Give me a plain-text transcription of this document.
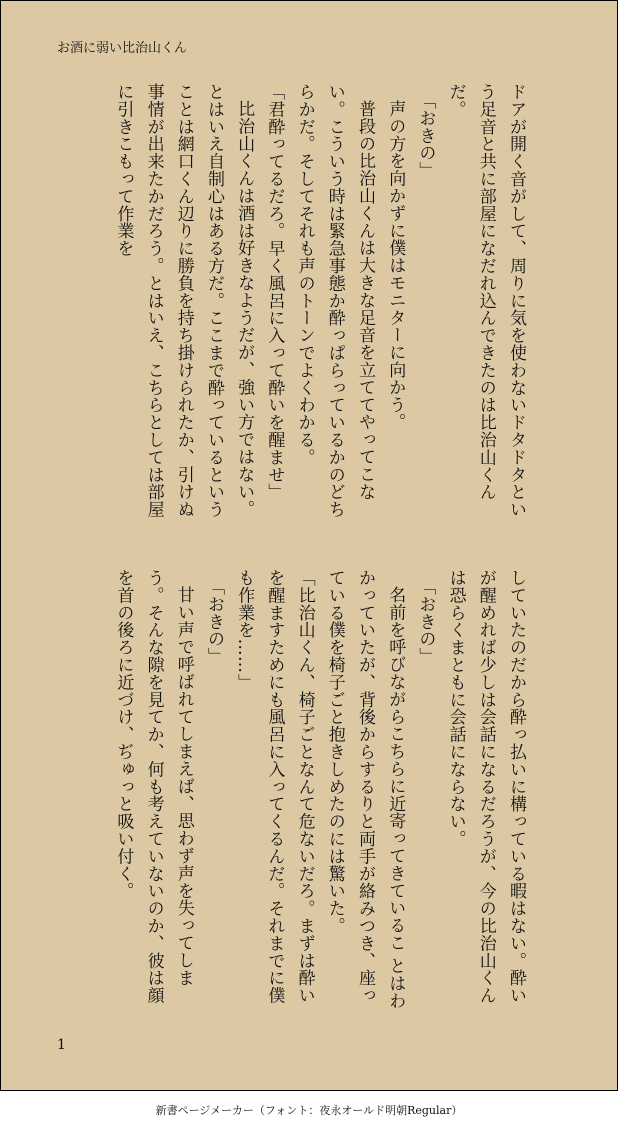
お酒に弱い比治山くん

ドアが開く音がして、周りに気を使わないドタドタという足音と共に部屋になだれ込んできたのは比治山くんだ。

「おきの」

声の方を向かずに僕はモニターに向かう。

普段の比治山くんは大きな足音を立ててやってこない。こういう時は緊急事態か酔っぱらっているかのどちらかだ。そしてそれも声のトーンでよくわかる。

「君酔ってるだろ。早く風呂に入って酔いを醒ませ」

比治山くんは酒は好きなようだが、強い方ではない。とはいえ自制心はある方だ。ここまで酔っているということは網口くん辺りに勝負を持ち掛けられたか、引けぬ事情が出来たかだろう。とはいえ、こちらとしては部屋に引きこもって作業を

していたのだから酔っ払いに構っている暇はない。酔いが醒めれば少しは会話になるだろうが、今の比治山くんは恐らくまともに会話にならない。

「おきの」

名前を呼びながらこちらに近寄ってきているこ とはわかっていたが、背後からするりと両手が絡みつき、座っている僕を椅子ごと抱きしめたのには驚いた。

「比治山くん、椅子ごとなんて危ないだろ。まずは酔いを醒ますためにも風呂に入ってくるんだ。それまでに僕も作業を……」

「おきの」

甘い声で呼ばれてしまえば、思わず声を失ってしまう。そんな隙を見てか、何も考えていないのか、彼は顔を首の後ろに近づけ、ぢゅっと吸い付く。

1
新書ページメーカー（フォント：夜永オールド明朝Regular）
